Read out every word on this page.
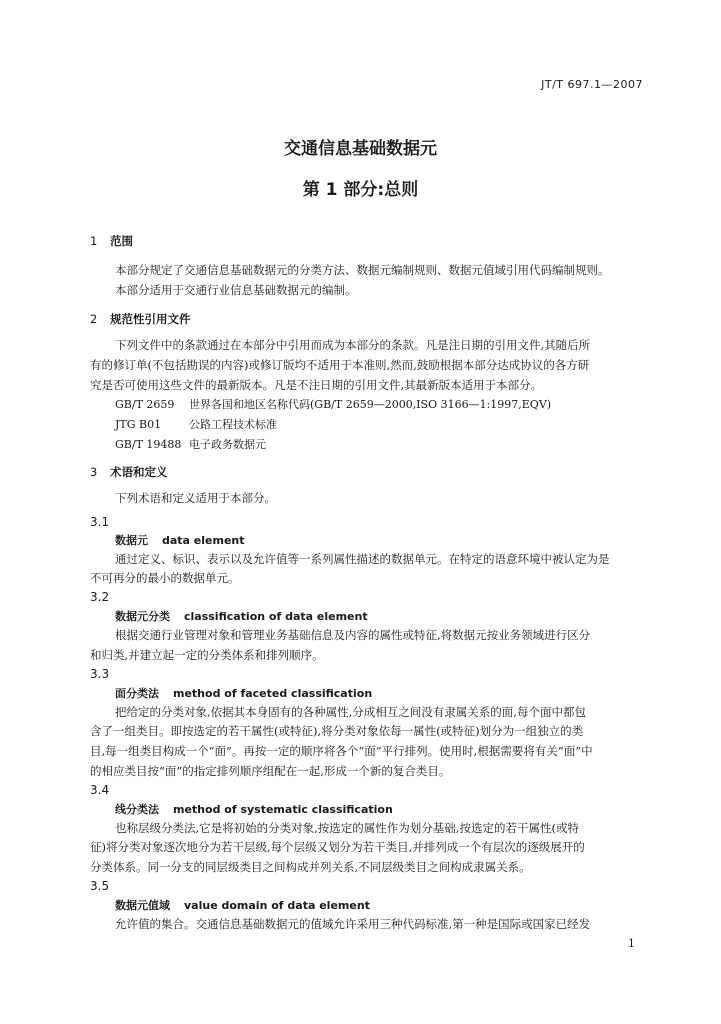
JT/T 697.1—2007
交通信息基础数据元
第 1 部分:总则
1 范围
本部分规定了交通信息基础数据元的分类方法、数据元编制规则、数据元值域引用代码编制规则。
本部分适用于交通行业信息基础数据元的编制。
2 规范性引用文件
下列文件中的条款通过在本部分中引用而成为本部分的条款。凡是注日期的引用文件,其随后所
有的修订单(不包括勘误的内容)或修订版均不适用于本准则,然而,鼓励根据本部分达成协议的各方研
究是否可使用这些文件的最新版本。凡是不注日期的引用文件,其最新版本适用于本部分。
GB/T 2659 世界各国和地区名称代码(GB/T 2659—2000,ISO 3166—1:1997,EQV)
JTG B01	公路工程技术标准
GB/T 19488 电子政务数据元
3 术语和定义
下列术语和定义适用于本部分。
3.1
数据元 data element
通过定义、标识、表示以及允许值等一系列属性描述的数据单元。在特定的语意环境中被认定为是
不可再分的最小的数据单元。
3.2
数据元分类 classification of data element
根据交通行业管理对象和管理业务基础信息及内容的属性或特征,将数据元按业务领域进行区分
和归类,并建立起一定的分类体系和排列顺序。
3.3
面分类法 method of faceted classification
把给定的分类对象,依据其本身固有的各种属性,分成相互之间没有隶属关系的面,每个面中都包
含了一组类目。即按选定的若干属性(或特征),将分类对象依每一属性(或特征)划分为一组独立的类
目,每一组类目构成一个“面”。再按一定的顺序将各个“面”平行排列。使用时,根据需要将有关“面”中
的相应类目按“面”的指定排列顺序组配在一起,形成一个新的复合类目。
3.4
线分类法 method of systematic classification
也称层级分类法,它是将初始的分类对象,按选定的属性作为划分基础,按选定的若干属性(或特
征)将分类对象逐次地分为若干层级,每个层级又划分为若干类目,并排列成一个有层次的逐级展开的
分类体系。同一分支的同层级类目之间构成并列关系,不同层级类目之间构成隶属关系。
3.5
数据元值域 value domain of data element
允许值的集合。交通信息基础数据元的值域允许采用三种代码标准,第一种是国际或国家已经发
1
